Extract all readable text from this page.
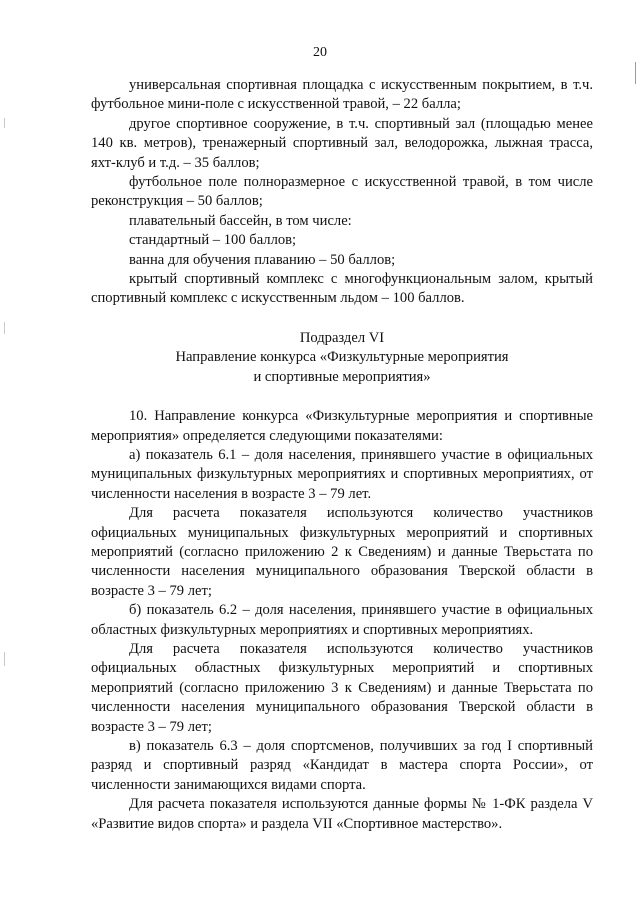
20

универсальная спортивная площадка с искусственным покрытием, в т.ч. футбольное мини-поле с искусственной травой, – 22 балла;

другое спортивное сооружение, в т.ч. спортивный зал (площадью менее 140 кв. метров), тренажерный спортивный зал, велодорожка, лыжная трасса, яхт-клуб и т.д. – 35 баллов;

футбольное поле полноразмерное с искусственной травой, в том числе реконструкция – 50 баллов;

плавательный бассейн, в том числе:

стандартный – 100 баллов;

ванна для обучения плаванию – 50 баллов;

крытый спортивный комплекс с многофункциональным залом, крытый спортивный комплекс с искусственным льдом – 100 баллов.

Подраздел VI

Направление конкурса «Физкультурные мероприятия

и спортивные мероприятия»

10. Направление конкурса «Физкультурные мероприятия и спортивные мероприятия» определяется следующими показателями:

а) показатель 6.1 – доля населения, принявшего участие в официальных муниципальных физкультурных мероприятиях и спортивных мероприятиях, от численности населения в возрасте 3 – 79 лет.

Для расчета показателя используются количество участников официальных муниципальных физкультурных мероприятий и спортивных мероприятий (согласно приложению 2 к Сведениям) и данные Тверьстата по численности населения муниципального образования Тверской области в возрасте 3 – 79 лет;

б) показатель 6.2 – доля населения, принявшего участие в официальных областных физкультурных мероприятиях и спортивных мероприятиях.

Для расчета показателя используются количество участников официальных областных физкультурных мероприятий и спортивных мероприятий (согласно приложению 3 к Сведениям) и данные Тверьстата по численности населения муниципального образования Тверской области в возрасте 3 – 79 лет;

в) показатель 6.3 – доля спортсменов, получивших за год I спортивный разряд и спортивный разряд «Кандидат в мастера спорта России», от численности занимающихся видами спорта.

Для расчета показателя используются данные формы № 1-ФК раздела V «Развитие видов спорта» и раздела VII «Спортивное мастерство».
